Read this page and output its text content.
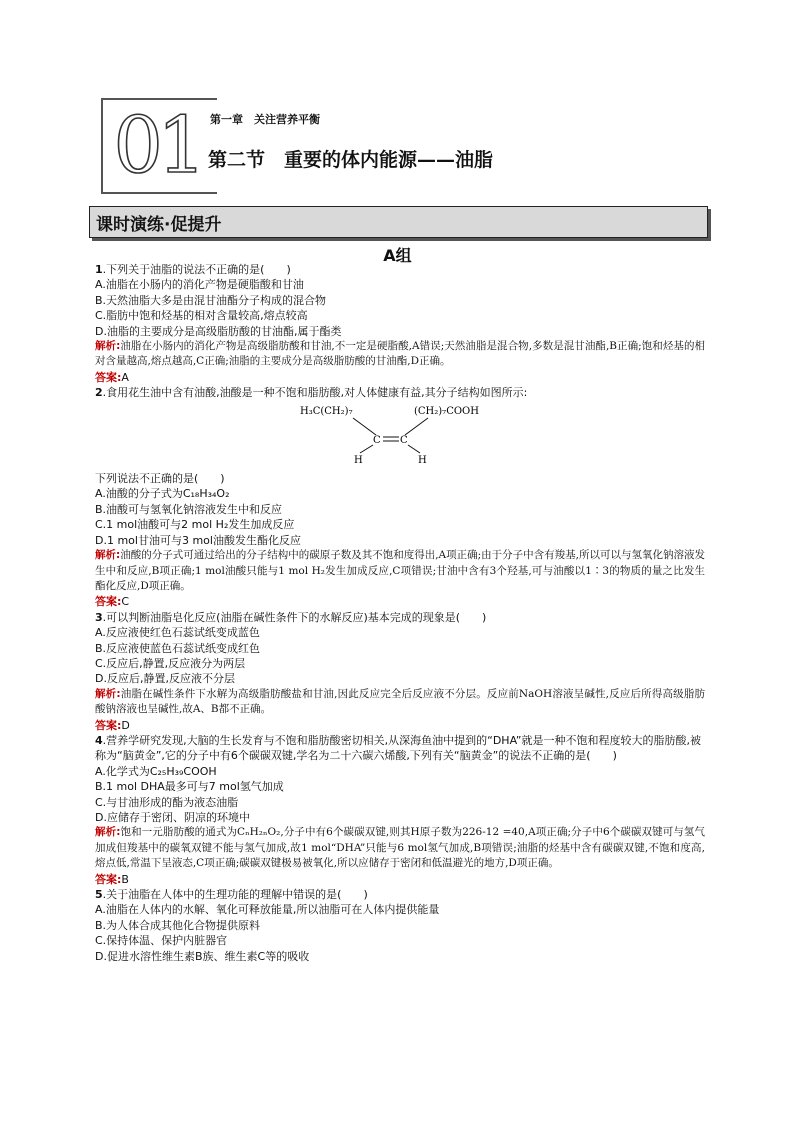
01 第一章　关注营养平衡
第二节　重要的体内能源——油脂
课时演练·促提升
A组

1.下列关于油脂的说法不正确的是(　　)

A.油脂在小肠内的消化产物是硬脂酸和甘油

B.天然油脂大多是由混甘油酯分子构成的混合物

C.脂肪中饱和烃基的相对含量较高,熔点较高

D.油脂的主要成分是高级脂肪酸的甘油酯,属于酯类

解析:油脂在小肠内的消化产物是高级脂肪酸和甘油,不一定是硬脂酸,A错误;天然油脂是混合物,多数是混甘油酯,B正确;饱和烃基的相对含量越高,熔点越高,C正确;油脂的主要成分是高级脂肪酸的甘油酯,D正确。

答案:A

2.食用花生油中含有油酸,油酸是一种不饱和脂肪酸,对人体健康有益,其分子结构如图所示:

H₃C(CH₂)₇	(CH₂)₇COOH
C C
H	H

下列说法不正确的是(　　)

A.油酸的分子式为C₁₈H₃₄O₂

B.油酸可与氢氧化钠溶液发生中和反应

C.1 mol油酸可与2 mol H₂发生加成反应

D.1 mol甘油可与3 mol油酸发生酯化反应

解析:油酸的分子式可通过给出的分子结构中的碳原子数及其不饱和度得出,A项正确;由于分子中含有羧基,所以可以与氢氧化钠溶液发生中和反应,B项正确;1 mol油酸只能与1 mol H₂发生加成反应,C项错误;甘油中含有3个羟基,可与油酸以1∶3的物质的量之比发生酯化反应,D项正确。

答案:C

3.可以判断油脂皂化反应(油脂在碱性条件下的水解反应)基本完成的现象是(　　)

A.反应液使红色石蕊试纸变成蓝色

B.反应液使蓝色石蕊试纸变成红色

C.反应后,静置,反应液分为两层

D.反应后,静置,反应液不分层

解析:油脂在碱性条件下水解为高级脂肪酸盐和甘油,因此反应完全后反应液不分层。反应前NaOH溶液呈碱性,反应后所得高级脂肪酸钠溶液也呈碱性,故A、B都不正确。

答案:D

4.营养学研究发现,大脑的生长发育与不饱和脂肪酸密切相关,从深海鱼油中提到的“DHA”就是一种不饱和程度较大的脂肪酸,被称为“脑黄金”,它的分子中有6个碳碳双键,学名为二十六碳六烯酸,下列有关“脑黄金”的说法不正确的是(　　)

A.化学式为C₂₅H₃₉COOH

B.1 mol DHA最多可与7 mol氢气加成

C.与甘油形成的酯为液态油脂

D.应储存于密闭、阴凉的环境中

解析:饱和一元脂肪酸的通式为CₙH₂ₙO₂,分子中有6个碳碳双键,则其H原子数为226-12 =40,A项正确;分子中6个碳碳双键可与氢气加成但羧基中的碳氧双键不能与氢气加成,故1 mol“DHA”只能与6 mol氢气加成,B项错误;油脂的烃基中含有碳碳双键,不饱和度高,熔点低,常温下呈液态,C项正确;碳碳双键极易被氧化,所以应储存于密闭和低温避光的地方,D项正确。

答案:B

5.关于油脂在人体中的生理功能的理解中错误的是(　　)

A.油脂在人体内的水解、氧化可释放能量,所以油脂可在人体内提供能量

B.为人体合成其他化合物提供原料

C.保持体温、保护内脏器官

D.促进水溶性维生素B族、维生素C等的吸收
